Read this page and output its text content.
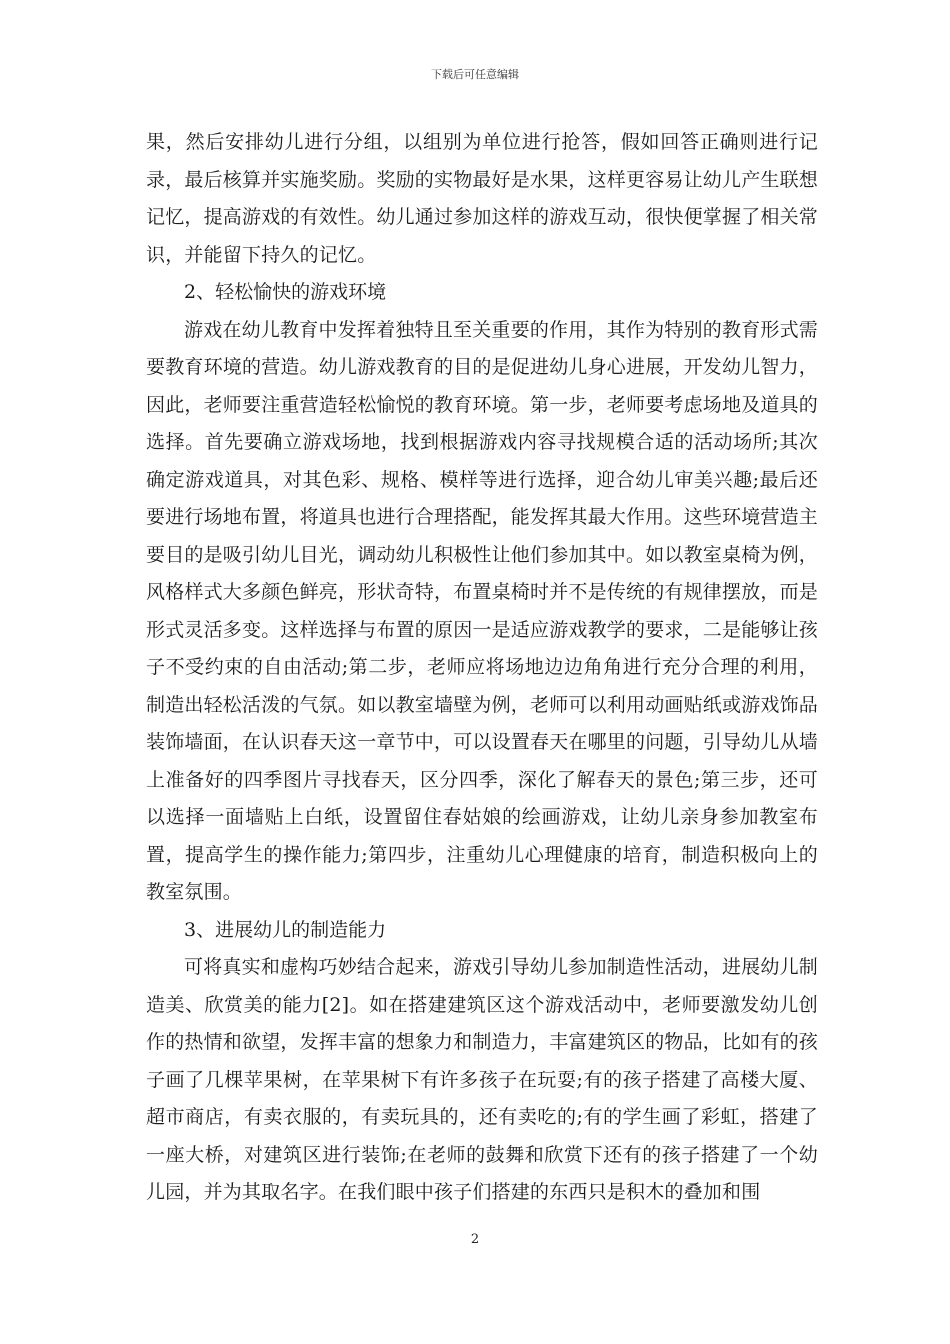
下载后可任意编辑

果，然后安排幼儿进行分组，以组别为单位进行抢答，假如回答正确则进行记录，最后核算并实施奖励。奖励的实物最好是水果，这样更容易让幼儿产生联想记忆，提高游戏的有效性。幼儿通过参加这样的游戏互动，很快便掌握了相关常识，并能留下持久的记忆。

2、轻松愉快的游戏环境

游戏在幼儿教育中发挥着独特且至关重要的作用，其作为特别的教育形式需要教育环境的营造。幼儿游戏教育的目的是促进幼儿身心进展，开发幼儿智力，因此，老师要注重营造轻松愉悦的教育环境。第一步，老师要考虑场地及道具的选择。首先要确立游戏场地，找到根据游戏内容寻找规模合适的活动场所;其次确定游戏道具，对其色彩、规格、模样等进行选择，迎合幼儿审美兴趣;最后还要进行场地布置，将道具也进行合理搭配，能发挥其最大作用。这些环境营造主要目的是吸引幼儿目光，调动幼儿积极性让他们参加其中。如以教室桌椅为例，风格样式大多颜色鲜亮，形状奇特，布置桌椅时并不是传统的有规律摆放，而是形式灵活多变。这样选择与布置的原因一是适应游戏教学的要求，二是能够让孩子不受约束的自由活动;第二步，老师应将场地边边角角进行充分合理的利用，制造出轻松活泼的气氛。如以教室墙壁为例，老师可以利用动画贴纸或游戏饰品装饰墙面，在认识春天这一章节中，可以设置春天在哪里的问题，引导幼儿从墙上准备好的四季图片寻找春天，区分四季，深化了解春天的景色;第三步，还可以选择一面墙贴上白纸，设置留住春姑娘的绘画游戏，让幼儿亲身参加教室布置，提高学生的操作能力;第四步，注重幼儿心理健康的培育，制造积极向上的教室氛围。

3、进展幼儿的制造能力

可将真实和虚构巧妙结合起来，游戏引导幼儿参加制造性活动，进展幼儿制造美、欣赏美的能力[2]。如在搭建建筑区这个游戏活动中，老师要激发幼儿创作的热情和欲望，发挥丰富的想象力和制造力，丰富建筑区的物品，比如有的孩子画了几棵苹果树，在苹果树下有许多孩子在玩耍;有的孩子搭建了高楼大厦、超市商店，有卖衣服的，有卖玩具的，还有卖吃的;有的学生画了彩虹，搭建了一座大桥，对建筑区进行装饰;在老师的鼓舞和欣赏下还有的孩子搭建了一个幼儿园，并为其取名字。在我们眼中孩子们搭建的东西只是积木的叠加和围

2
